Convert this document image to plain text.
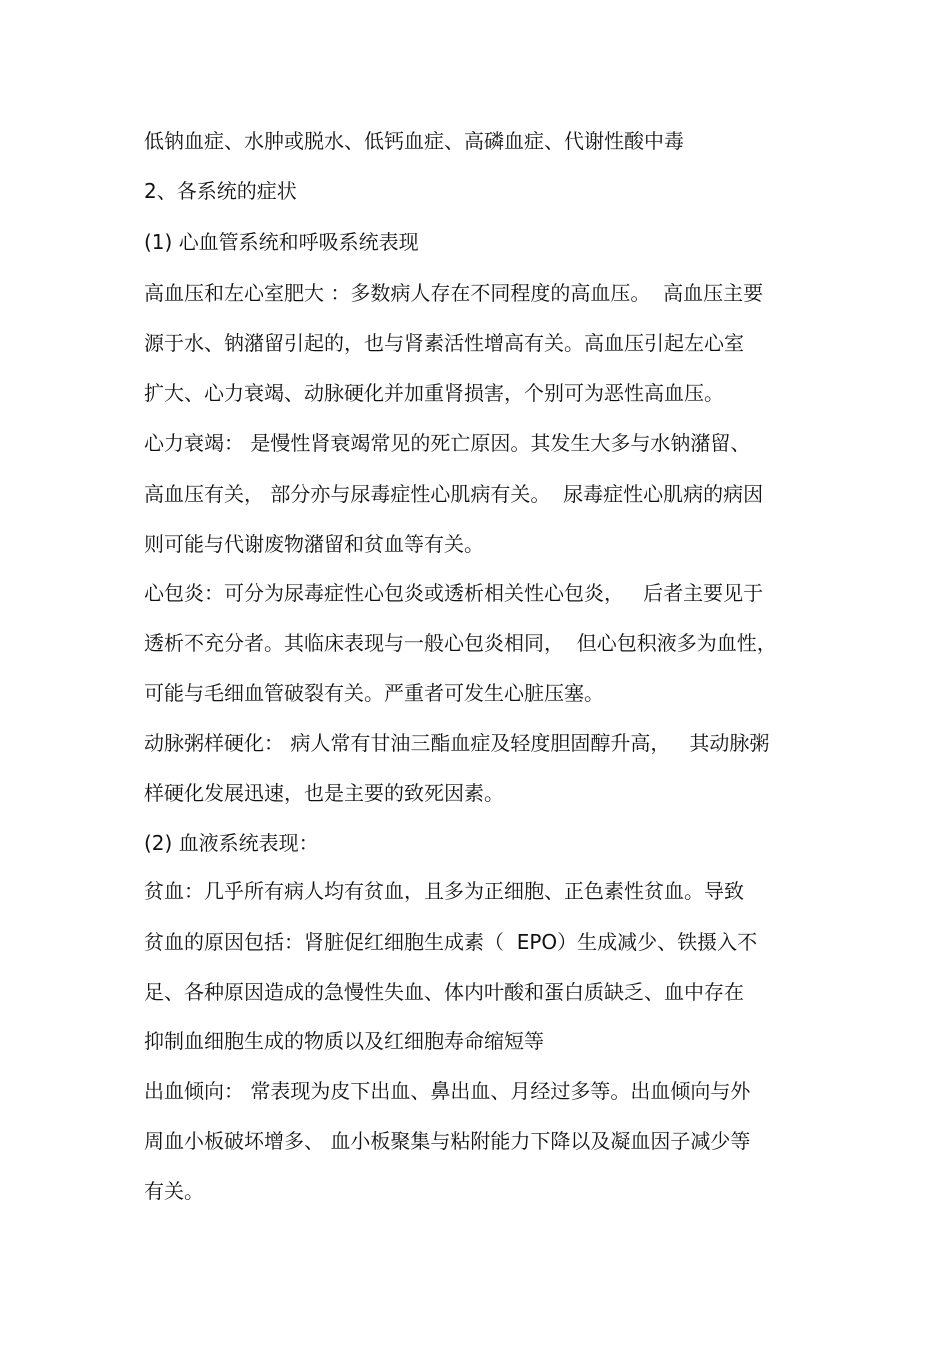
低钠血症、水肿或脱水、低钙血症、高磷血症、代谢性酸中毒
2、各系统的症状
(1) 心血管系统和呼吸系统表现
高血压和左心室肥大 ：多数病人存在不同程度的高血压。  高血压主要
源于水、钠潴留引起的，也与肾素活性增高有关。高血压引起左心室
扩大、心力衰竭、动脉硬化并加重肾损害，个别可为恶性高血压。
心力衰竭： 是慢性肾衰竭常见的死亡原因。其发生大多与水钠潴留、
高血压有关， 部分亦与尿毒症性心肌病有关。  尿毒症性心肌病的病因
则可能与代谢废物潴留和贫血等有关。
心包炎：可分为尿毒症性心包炎或透析相关性心包炎，   后者主要见于
透析不充分者。其临床表现与一般心包炎相同，  但心包积液多为血性，
可能与毛细血管破裂有关。严重者可发生心脏压塞。
动脉粥样硬化： 病人常有甘油三酯血症及轻度胆固醇升高，   其动脉粥
样硬化发展迅速，也是主要的致死因素。
(2) 血液系统表现：
贫血：几乎所有病人均有贫血，且多为正细胞、正色素性贫血。导致
贫血的原因包括：肾脏促红细胞生成素（  EPO）生成减少、铁摄入不
足、各种原因造成的急慢性失血、体内叶酸和蛋白质缺乏、血中存在
抑制血细胞生成的物质以及红细胞寿命缩短等
出血倾向： 常表现为皮下出血、鼻出血、月经过多等。出血倾向与外
周血小板破坏增多、 血小板聚集与粘附能力下降以及凝血因子减少等
有关。
